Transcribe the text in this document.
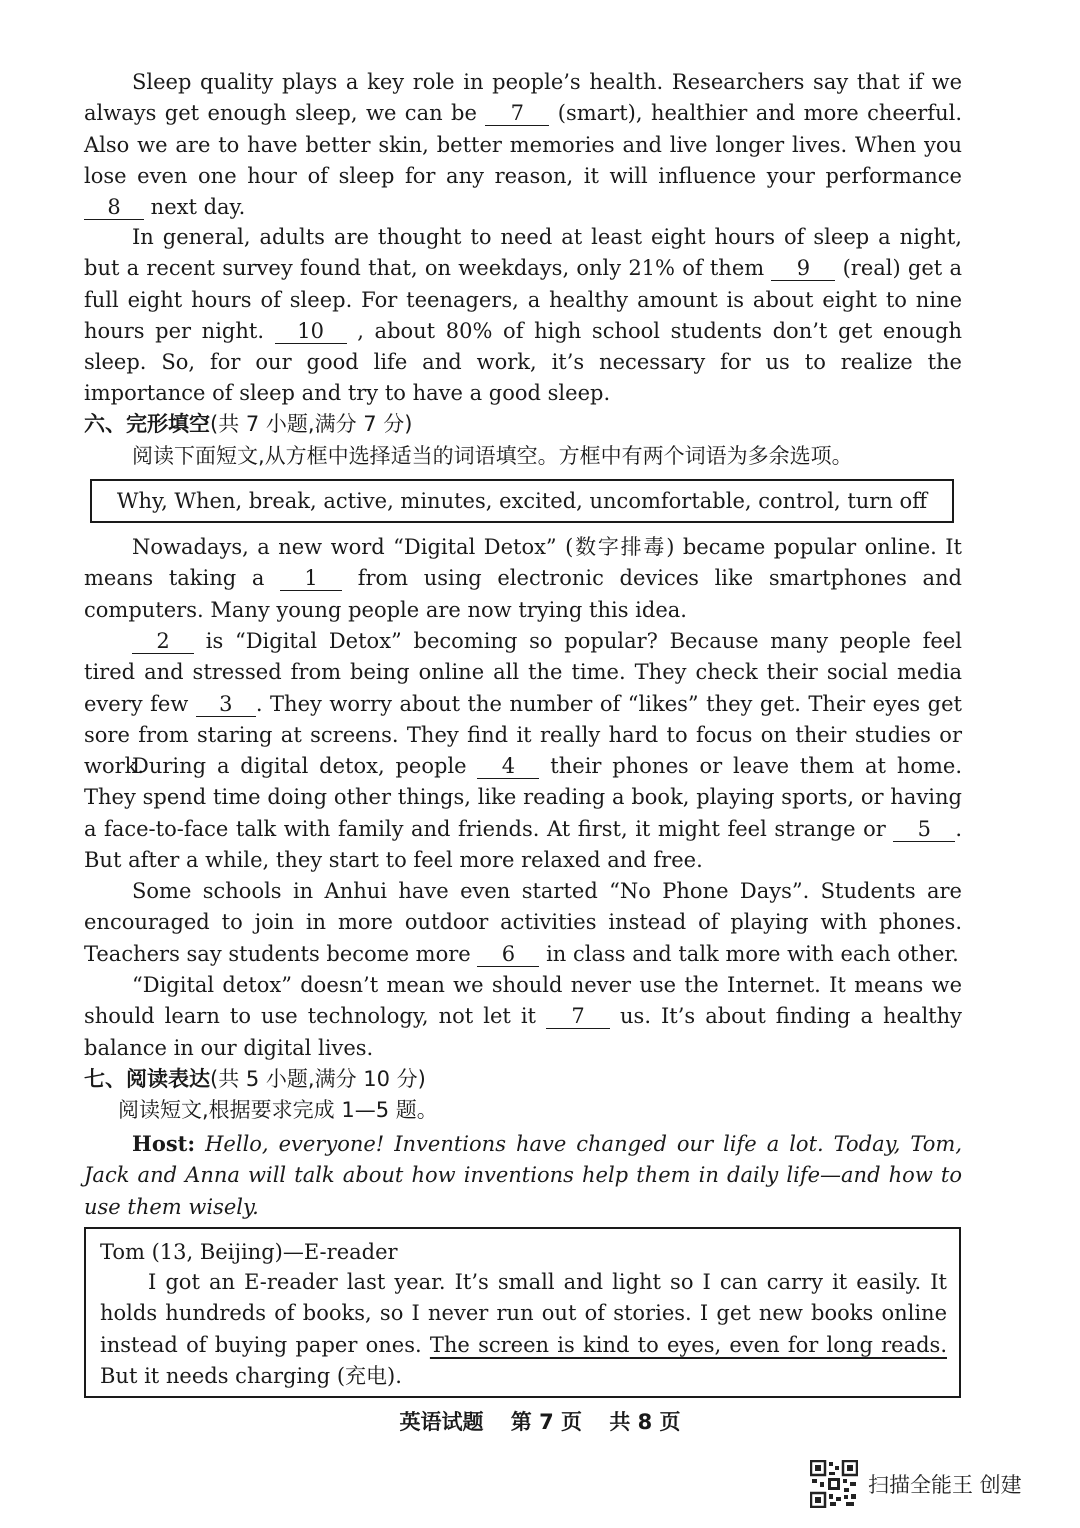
Sleep quality plays a key role in people’s health. Researchers say that if we always get enough sleep, we can be 7 (smart), healthier and more cheerful. Also we are to have better skin, better memories and live longer lives. When you lose even one hour of sleep for any reason, it will influence your performance 8 next day.

In general, adults are thought to need at least eight hours of sleep a night, but a recent survey found that, on weekdays, only 21% of them 9 (real) get a full eight hours of sleep. For teenagers, a healthy amount is about eight to nine hours per night. 10 , about 80% of high school students don’t get enough sleep. So, for our good life and work, it’s necessary for us to realize the importance of sleep and try to have a good sleep.

六、完形填空(共 7 小题,满分 7 分)
阅读下面短文,从方框中选择适当的词语填空。方框中有两个词语为多余选项。
Why, When, break, active, minutes, excited, uncomfortable, control, turn off

Nowadays, a new word “Digital Detox” (数字排毒) became popular online. It means taking a 1 from using electronic devices like smartphones and computers. Many young people are now trying this idea.

2 is “Digital Detox” becoming so popular? Because many people feel tired and stressed from being online all the time. They check their social media every few 3 . They worry about the number of “likes” they get. Their eyes get sore from staring at screens. They find it really hard to focus on their studies or work.

During a digital detox, people 4 their phones or leave them at home. They spend time doing other things, like reading a book, playing sports, or having a face-to-face talk with family and friends. At first, it might feel strange or 5 . But after a while, they start to feel more relaxed and free.

Some schools in Anhui have even started “No Phone Days”. Students are encouraged to join in more outdoor activities instead of playing with phones. Teachers say students become more 6 in class and talk more with each other.

“Digital detox” doesn’t mean we should never use the Internet. It means we should learn to use technology, not let it 7 us. It’s about finding a healthy balance in our digital lives.

七、阅读表达(共 5 小题,满分 10 分)
阅读短文,根据要求完成 1—5 题。

Host: Hello, everyone! Inventions have changed our life a lot. Today, Tom, Jack and Anna will talk about how inventions help them in daily life—and how to use them wisely.

Tom (13, Beijing)—E-reader

I got an E-reader last year. It’s small and light so I can carry it easily. It holds hundreds of books, so I never run out of stories. I get new books online instead of buying paper ones. The screen is kind to eyes, even for long reads. But it needs charging (充电).

英语试题 第 7 页 共 8 页
扫描全能王 创建
